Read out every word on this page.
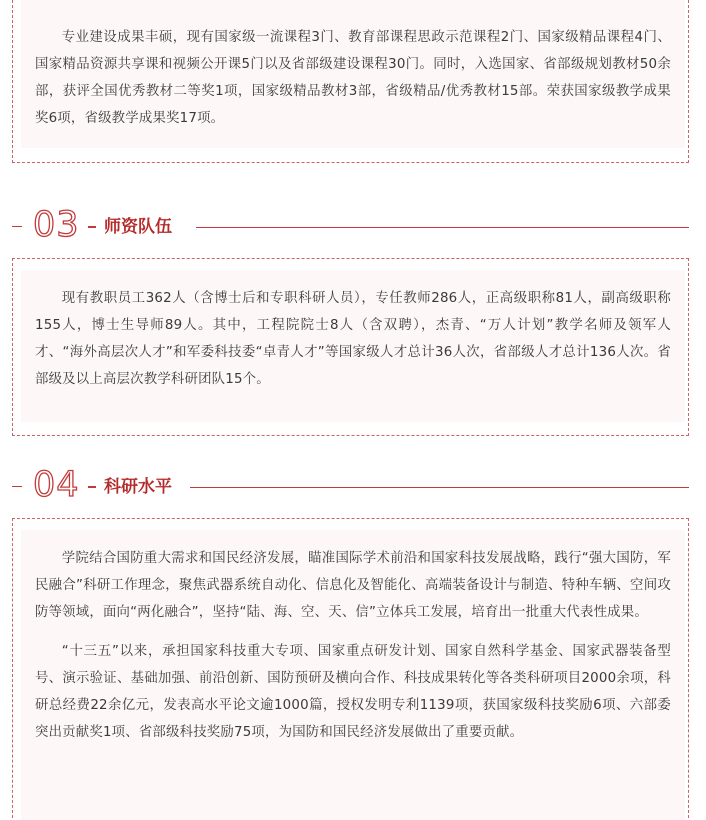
专业建设成果丰硕，现有国家级一流课程3门、教育部课程思政示范课程2门、国家级精品课程4门、国家精品资源共享课和视频公开课5门以及省部级建设课程30门。同时，入选国家、省部级规划教材50余部，获评全国优秀教材二等奖1项，国家级精品教材3部，省级精品/优秀教材15部。荣获国家级教学成果奖6项，省级教学成果奖17项。

03 师资队伍

现有教职员工362人（含博士后和专职科研人员），专任教师286人，正高级职称81人，副高级职称155人，博士生导师89人。其中，工程院院士8人（含双聘），杰青、“万人计划”教学名师及领军人才、“海外高层次人才”和军委科技委“卓青人才”等国家级人才总计36人次，省部级人才总计136人次。省部级及以上高层次教学科研团队15个。

04 科研水平

学院结合国防重大需求和国民经济发展，瞄准国际学术前沿和国家科技发展战略，践行“强大国防，军民融合”科研工作理念，聚焦武器系统自动化、信息化及智能化、高端装备设计与制造、特种车辆、空间攻防等领域，面向“两化融合”，坚持“陆、海、空、天、信”立体兵工发展，培育出一批重大代表性成果。

“十三五”以来，承担国家科技重大专项、国家重点研发计划、国家自然科学基金、国家武器装备型号、演示验证、基础加强、前沿创新、国防预研及横向合作、科技成果转化等各类科研项目2000余项，科研总经费22余亿元，发表高水平论文逾1000篇，授权发明专利1139项，获国家级科技奖励6项、六部委突出贡献奖1项、省部级科技奖励75项，为国防和国民经济发展做出了重要贡献。
